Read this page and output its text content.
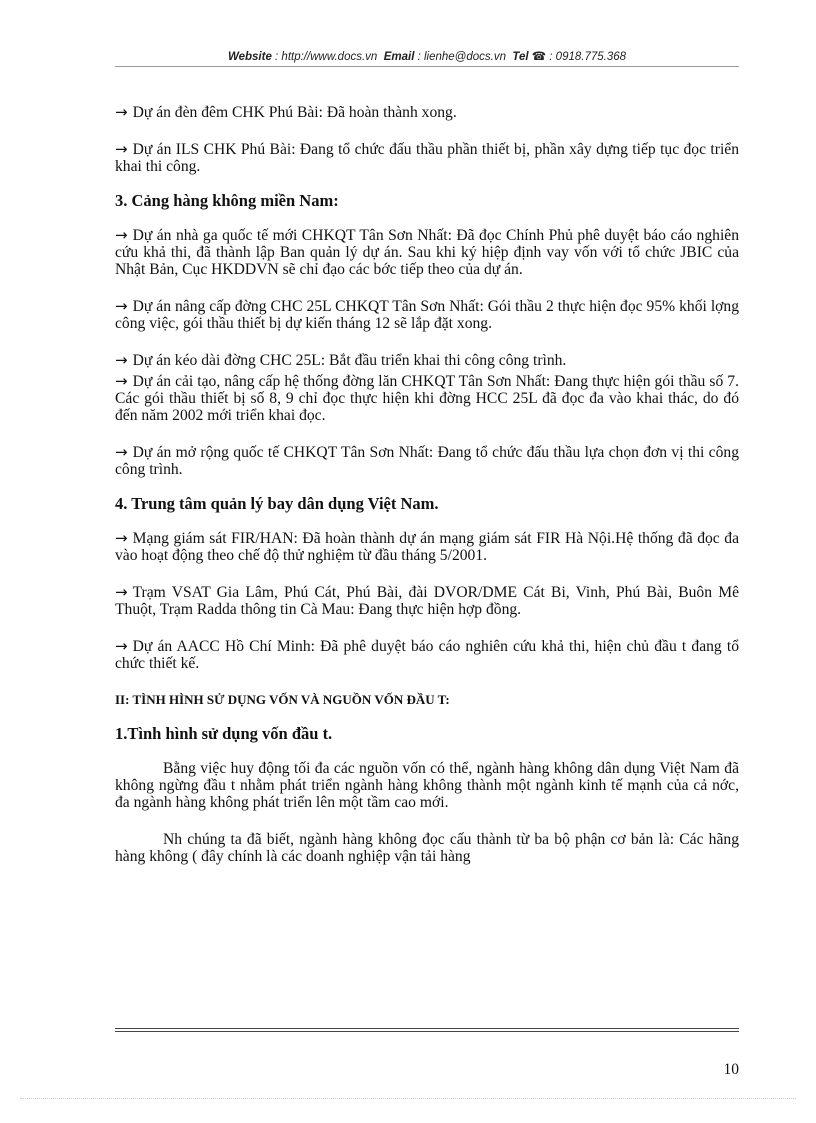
Website : http://www.docs.vn Email : lienhe@docs.vn Tel ☎ : 0918.775.368

→ Dự án đèn đêm CHK Phú Bài: Đã hoàn thành xong.

→ Dự án ILS CHK Phú Bài: Đang tổ chức đấu thầu phần thiết bị, phần xây dựng tiếp tục đọc triển khai thi công.

3. Cảng hàng không miền Nam:

→ Dự án nhà ga quốc tế mới CHKQT Tân Sơn Nhất: Đã đọc Chính Phủ phê duyệt báo cáo nghiên cứu khả thi, đã thành lập Ban quản lý dự án. Sau khi ký hiệp định vay vốn với tổ chức JBIC của Nhật Bản, Cục HKDDVN sẽ chỉ đạo các bớc tiếp theo của dự án.

→ Dự án nâng cấp đờng CHC 25L CHKQT Tân Sơn Nhất: Gói thầu 2 thực hiện đọc 95% khối lợng công việc, gói thầu thiết bị dự kiến tháng 12 sẽ lắp đặt xong.

→ Dự án kéo dài đờng CHC 25L: Bắt đầu triển khai thi công công trình.

→ Dự án cải tạo, nâng cấp hệ thống đờng lăn CHKQT Tân Sơn Nhất: Đang thực hiện gói thầu số 7. Các gói thầu thiết bị số 8, 9 chỉ đọc thực hiện khi đờng HCC 25L đã đọc đa vào khai thác, do đó đến năm 2002 mới triển khai đọc.

→ Dự án mở rộng quốc tế CHKQT Tân Sơn Nhất: Đang tổ chức đấu thầu lựa chọn đơn vị thi công công trình.

4. Trung tâm quản lý bay dân dụng Việt Nam.

→ Mạng giám sát FIR/HAN: Đã hoàn thành dự án mạng giám sát FIR Hà Nội.Hệ thống đã đọc đa vào hoạt động theo chế độ thử nghiệm từ đầu tháng 5/2001.

→ Trạm VSAT Gia Lâm, Phú Cát, Phú Bài, đài DVOR/DME Cát Bi, Vinh, Phú Bài, Buôn Mê Thuột, Trạm Radda thông tin Cà Mau: Đang thực hiện hợp đồng.

→ Dự án AACC Hồ Chí Minh: Đã phê duyệt báo cáo nghiên cứu khả thi, hiện chủ đầu t đang tổ chức thiết kế.

II: TÌNH HÌNH SỬ DỤNG VỐN VÀ NGUỒN VỐN ĐẦU T:

1.Tình hình sử dụng vốn đầu t.

Bằng việc huy động tối đa các nguồn vốn có thể, ngành hàng không dân dụng Việt Nam đã không ngừng đầu t nhằm phát triển ngành hàng không thành một ngành kinh tế mạnh của cả nớc, đa ngành hàng không phát triển lên một tầm cao mới.

Nh chúng ta đã biết, ngành hàng không đọc cấu thành từ ba bộ phận cơ bản là: Các hãng hàng không ( đây chính là các doanh nghiệp vận tải hàng

10
